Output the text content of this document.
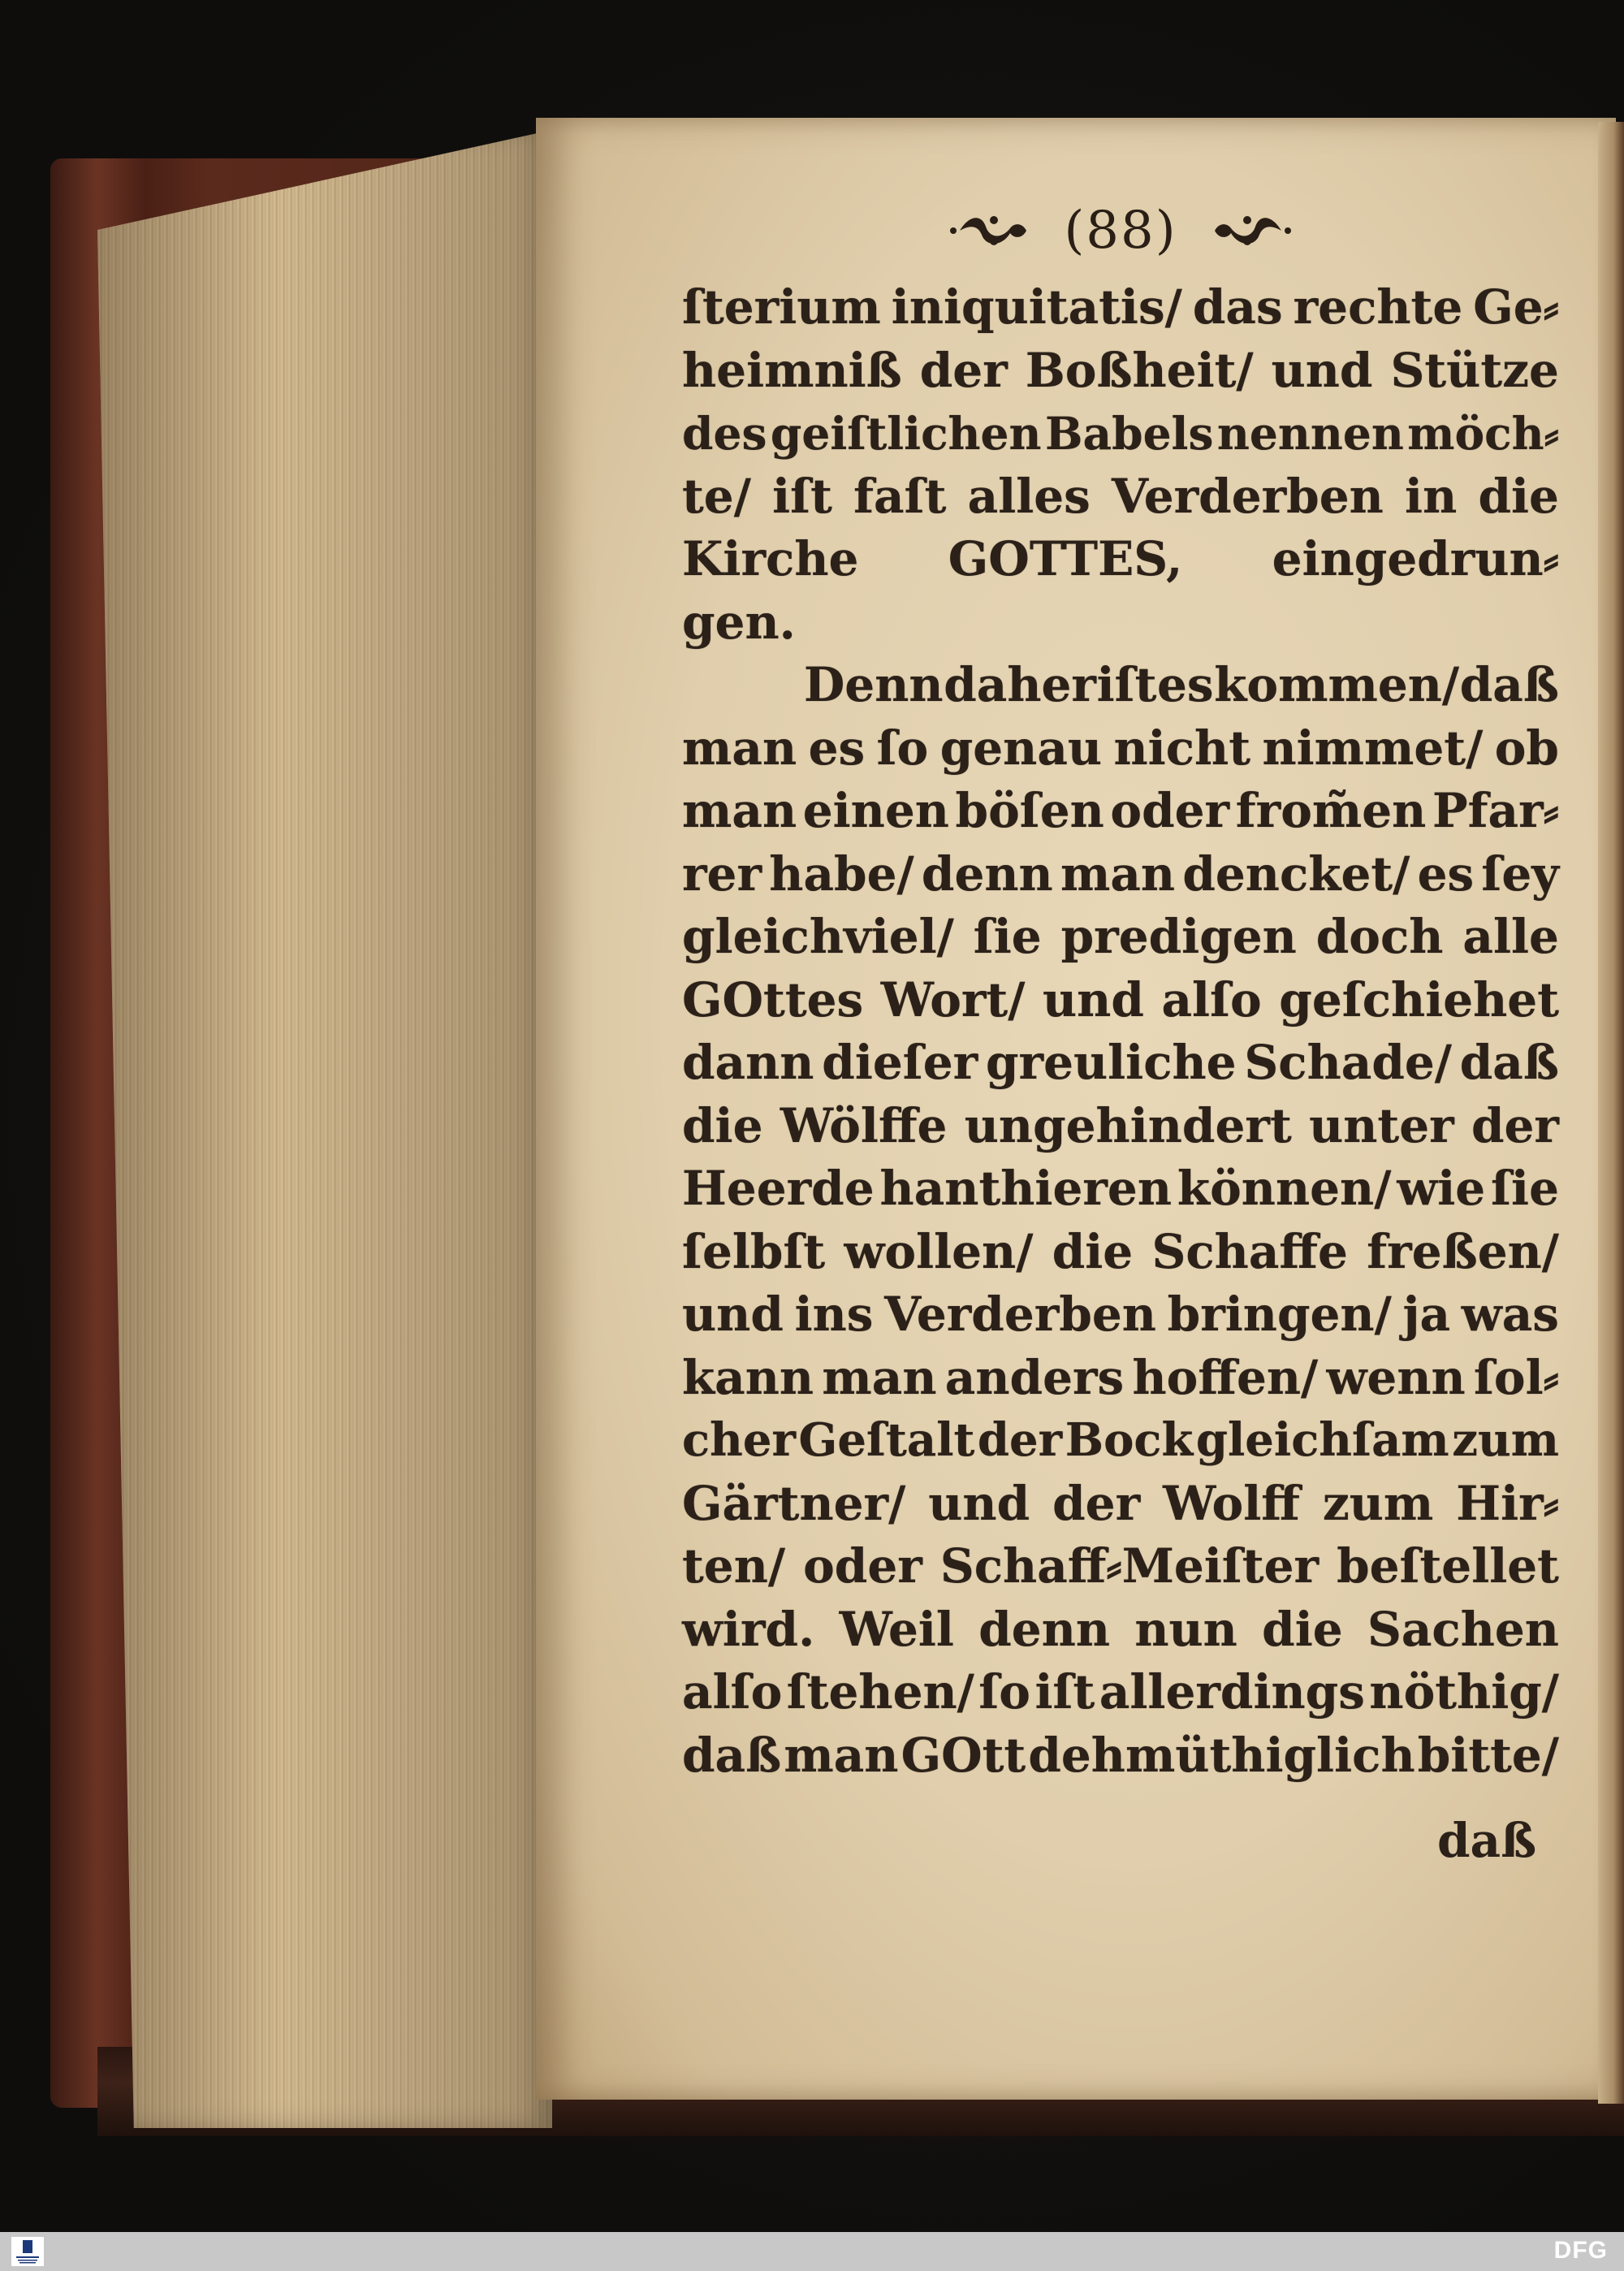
(88)
ſterium iniquitatis/ das rechte Ge⸗
heimniß der Boßheit/ und Stütze
des geiſtlichen Babels nennen möch⸗
te/ iſt faſt alles Verderben in die
Kirche GOTTES, eingedrun⸗
gen.
Denn daher iſt es kommen/ daß
man es ſo genau nicht nimmet/ ob
man einen böſen oder from̃en Pfar⸗
rer habe/ denn man dencket/ es ſey
gleichviel/ ſie predigen doch alle
GOttes Wort/ und alſo geſchiehet
dann dieſer greuliche Schade/ daß
die Wölffe ungehindert unter der
Heerde hanthieren können/ wie ſie
ſelbſt wollen/ die Schaffe freßen/
und ins Verderben bringen/ ja was
kann man anders hoffen/ wenn ſol⸗
cher Geſtalt der Bock gleichſam zum
Gärtner/ und der Wolff zum Hir⸗
ten/ oder Schaff⸗Meiſter beſtellet
wird. Weil denn nun die Sachen
alſo ſtehen/ ſo iſt allerdings nöthig/
daß man GOtt dehmüthiglich bitte/
daß
DFG
